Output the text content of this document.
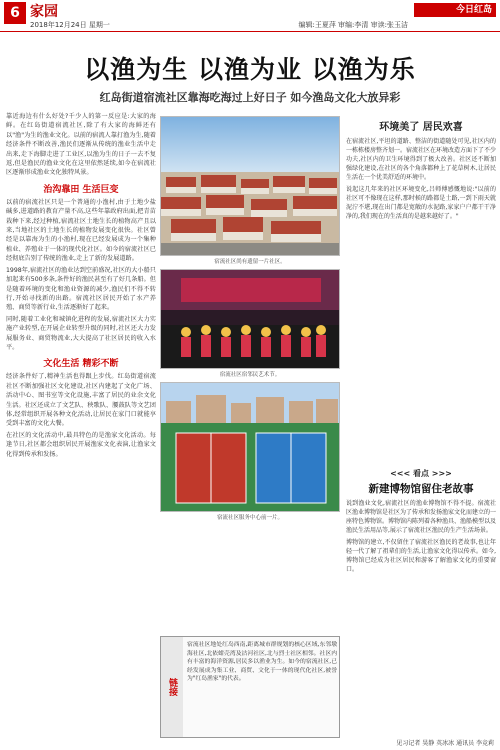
6 家园
2018年12月24日 星期一	编辑:王夏萍 审编:李清 审读:张玉洁
今日红岛
以渔为生 以渔为业 以渔为乐
红岛街道宿流社区靠海吃海过上好日子 如今渔岛文化大放异彩

靠近海边有什么好处?千少人的第一反应是:大家的海鲜。在红岛街道宿流社区,除了有大家的海鲜还有以"渔"为生的渔业文化。以前的宿流人靠打渔为生,随着经济条件不断改善,渔民们逐渐从传统的渔业生活中走出来,走下海脚走进了工业区,以渔为生的日子一去不复返,但是渔民的渔业文化在这里依然延续,如今在宿流社区逐渐形成渔业文化独特风景。

治沟靠田 生活巨变

以前的宿流社区只是一个普通的小渔村,由于土地少盐碱多,进道路的教育产量不高,这些年靠政府出面,把青苗栽种下来,经过种植,宿流社区土地生长的植物高产且以来,当地社区的土地生长的植物发展变化很快。社区曾经是以靠海为生的小渔村,现在已经发展成为一个集种植业、养殖业于一体的现代化社区。如今的宿流社区已经彻底告别了传统的渔业,走上了新的发展道路。

1998年,宿流社区的渔业达到空前盛况,社区的大小船只加起来有500多条,条件好的渔民甚至有了好几条船。但是随着环境的变化和渔业资源的减少,渔民们不得不转行,开始寻找新的出路。宿流社区居民开始了水产养殖、商贸等新行业,生活逐渐好了起来。

同时,随着工业化和城镇化进程的发展,宿流社区大力实施产业转型,在开展企业转型升级的同时,社区还大力发展服务业、商贸物流业,大大提高了社区居民的收入水平。

文化生活 精彩不断

经济条件好了,精神生活也得跟上步伐。红岛街道宿流社区不断加强社区文化建设,社区内建起了文化广场、活动中心、图书室等文化设施,丰富了居民的业余文化生活。社区还成立了文艺队、秧歌队、腰鼓队等文艺团体,经常组织开展各种文化活动,让居民在家门口就能享受到丰富的文化大餐。

在社区的文化活动中,最具特色的是渔家文化活动。每逢节日,社区都会组织居民开展渔家文化表演,让渔家文化得到传承和发扬。

宿流社区尚有遗留一片社区。
宿流社区宿邻民艺术节。
宿流社区服务中心前一片。
链接

宿流社区地处红岛西南,距离城市群规划的核心区域,东邻墩海社区,北依蚶壳湾及沽河社区,北与烈士社区相邻。社区内有丰富的海洋资源,居民多以渔业为生。如今的宿流社区,已经发展成为集工业、商贸、文化于一体的现代化社区,被誉为"红岛渔家"的代表。

环境美了 居民欢喜

在宿流社区,平坦的道路、整洁的街道随处可见,社区内的一栋栋楼房整齐划一。宿流社区在环境改造方面下了不少功夫,社区内的卫生环境得到了极大改善。社区还不断加强绿化建设,在社区的各个角落都种上了花草树木,让居民生活在一个优美舒适的环境中。

说起这几年来的社区环境变化,吕师傅感慨地说:"以前的社区可不像现在这样,那时候的路都是土路,一到下雨天就泥泞不堪,现在出门都是宽敞的水泥路,家家户户都干干净净的,我们现在的生活真的是越来越好了。"

<<< 看点 >>>
新建博物馆留住老故事

说到渔业文化,宿流社区的渔业博物馆不得不提。宿流社区渔业博物馆是社区为了传承和发扬渔家文化而建立的一座特色博物馆。博物馆内陈列着各种渔具、渔船模型以及渔民生活用品等,展示了宿流社区渔民的生产生活场景。

博物馆的建立,不仅留住了宿流社区渔民的老故事,也让年轻一代了解了祖辈们的生活,让渔家文化得以传承。如今,博物馆已经成为社区居民和游客了解渔家文化的重要窗口。

见习记者 昊静 英冰冰 通讯员 李竞莉
